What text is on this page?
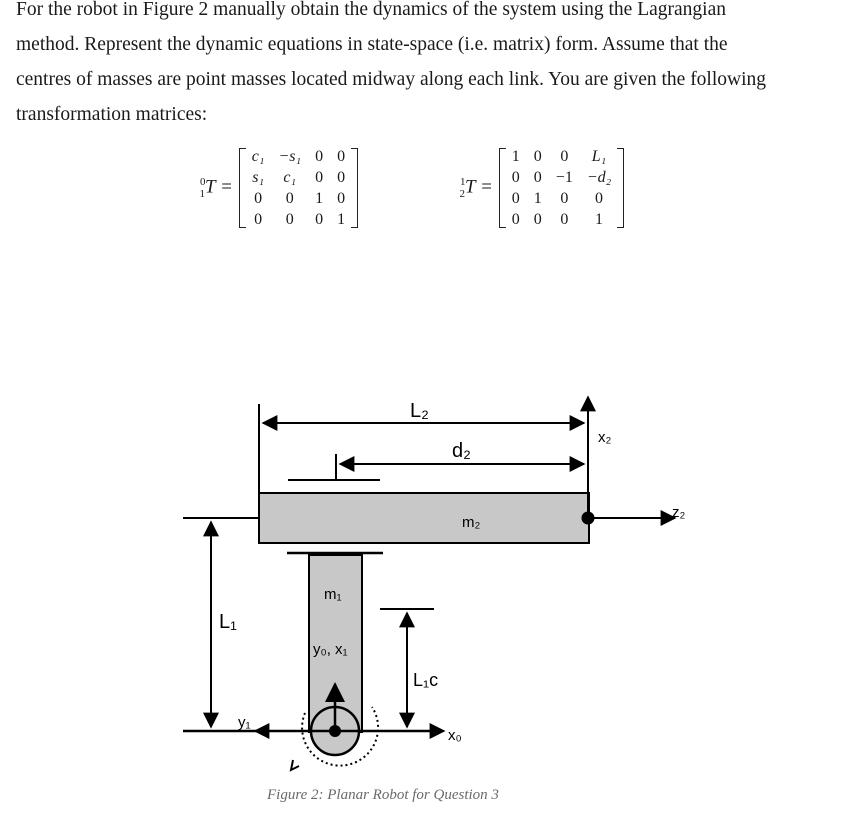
For the robot in Figure 2 manually obtain the dynamics of the system using the Lagrangian
method. Represent the dynamic equations in state-space (i.e. matrix) form. Assume that the
centres of masses are point masses located midway along each link. You are given the following
transformation matrices:
$^0_1$T =
c₁	−s₁	0	0
s₁	c₁	0	0
0	0	1	0
0	0	0	1
$^1_2$T =
1	0	0	L₁
0	0	−1	−d₂
0	1	0	0
0	0	0	1
L₂
d₂
x₂
z₂
m₂
m₁
y₀, x₁
L₁
L₁c
y₁
x₀
Figure 2: Planar Robot for Question 3
